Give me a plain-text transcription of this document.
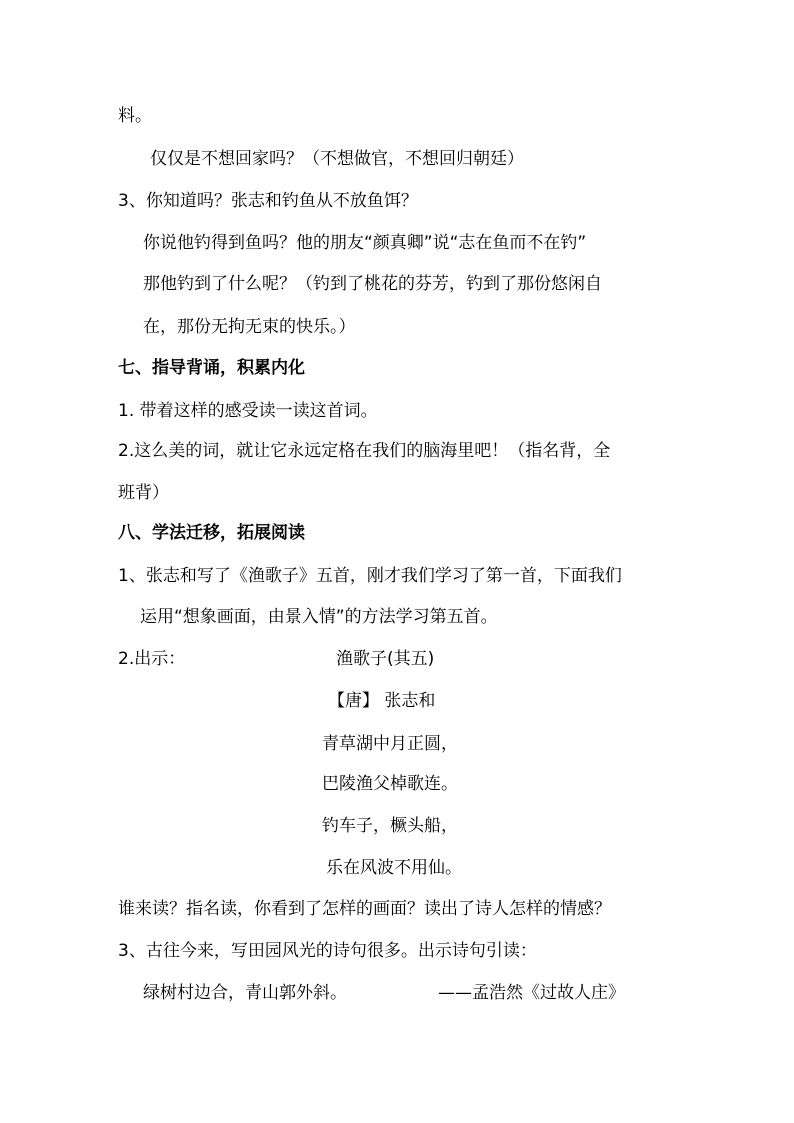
料。
仅仅是不想回家吗？（不想做官，不想回归朝廷）
3、你知道吗？张志和钓鱼从不放鱼饵？
你说他钓得到鱼吗？他的朋友“颜真卿”说“志在鱼而不在钓”
那他钓到了什么呢？（钓到了桃花的芬芳，钓到了那份悠闲自
在，那份无拘无束的快乐。）
七、指导背诵，积累内化
1. 带着这样的感受读一读这首词。
2.这么美的词，就让它永远定格在我们的脑海里吧！（指名背，全
班背）
八、学法迁移，拓展阅读
1、张志和写了《渔歌子》五首，刚才我们学习了第一首，下面我们
运用“想象画面，由景入情”的方法学习第五首。
2.出示：	渔歌子(其五)
【唐】 张志和
青草湖中月正圆，
巴陵渔父棹歌连。
钓车子，橛头船，
乐在风波不用仙。
谁来读？指名读，你看到了怎样的画面？读出了诗人怎样的情感？
3、古往今来，写田园风光的诗句很多。出示诗句引读：
绿树村边合，青山郭外斜。	——孟浩然《过故人庄》
